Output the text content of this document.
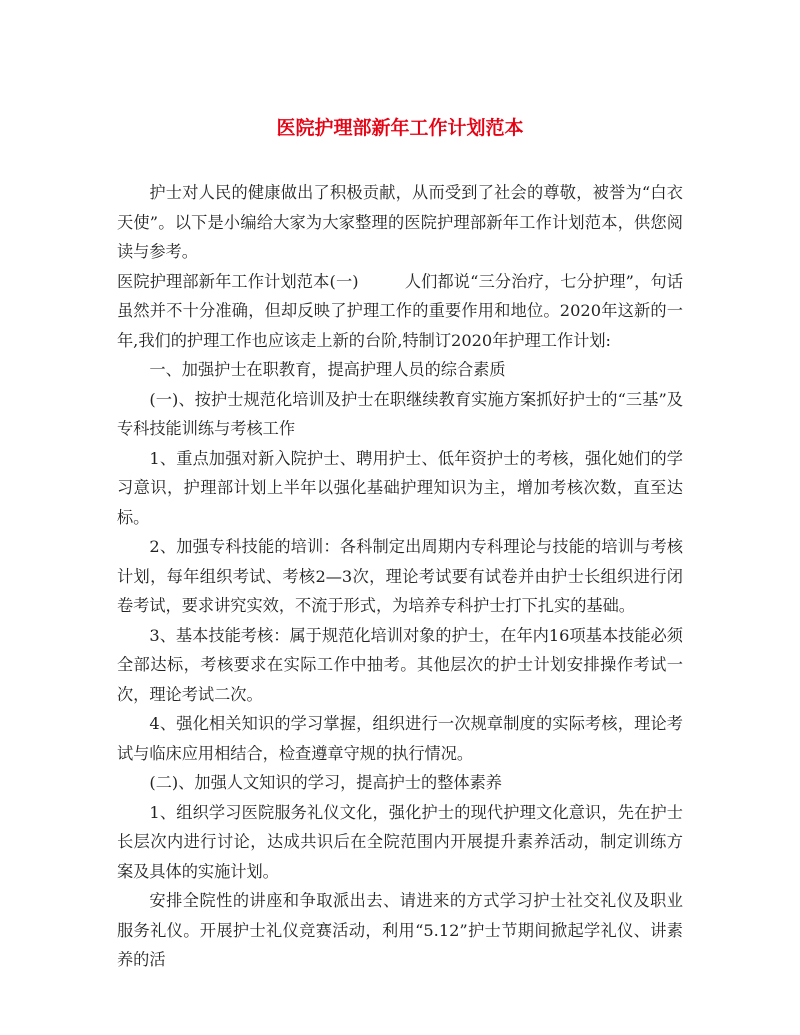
医院护理部新年工作计划范本

护士对人民的健康做出了积极贡献，从而受到了社会的尊敬，被誉为“白衣天使”。以下是小编给大家为大家整理的医院护理部新年工作计划范本，供您阅读与参考。

医院护理部新年工作计划范本(一)	人们都说“三分治疗，七分护理”，句话虽然并不十分准确，但却反映了护理工作的重要作用和地位。2020年这新的一年,我们的护理工作也应该走上新的台阶,特制订2020年护理工作计划:

一、加强护士在职教育，提高护理人员的综合素质

(一)、按护士规范化培训及护士在职继续教育实施方案抓好护士的“三基”及专科技能训练与考核工作

1、重点加强对新入院护士、聘用护士、低年资护士的考核，强化她们的学习意识，护理部计划上半年以强化基础护理知识为主，增加考核次数，直至达标。

2、加强专科技能的培训：各科制定出周期内专科理论与技能的培训与考核计划，每年组织考试、考核2—3次，理论考试要有试卷并由护士长组织进行闭卷考试，要求讲究实效，不流于形式，为培养专科护士打下扎实的基础。

3、基本技能考核：属于规范化培训对象的护士，在年内16项基本技能必须全部达标，考核要求在实际工作中抽考。其他层次的护士计划安排操作考试一次，理论考试二次。

4、强化相关知识的学习掌握，组织进行一次规章制度的实际考核，理论考试与临床应用相结合，检查遵章守规的执行情况。

(二)、加强人文知识的学习，提高护士的整体素养

1、组织学习医院服务礼仪文化，强化护士的现代护理文化意识，先在护士长层次内进行讨论，达成共识后在全院范围内开展提升素养活动，制定训练方案及具体的实施计划。

安排全院性的讲座和争取派出去、请进来的方式学习护士社交礼仪及职业服务礼仪。开展护士礼仪竞赛活动，利用“5.12”护士节期间掀起学礼仪、讲素养的活
